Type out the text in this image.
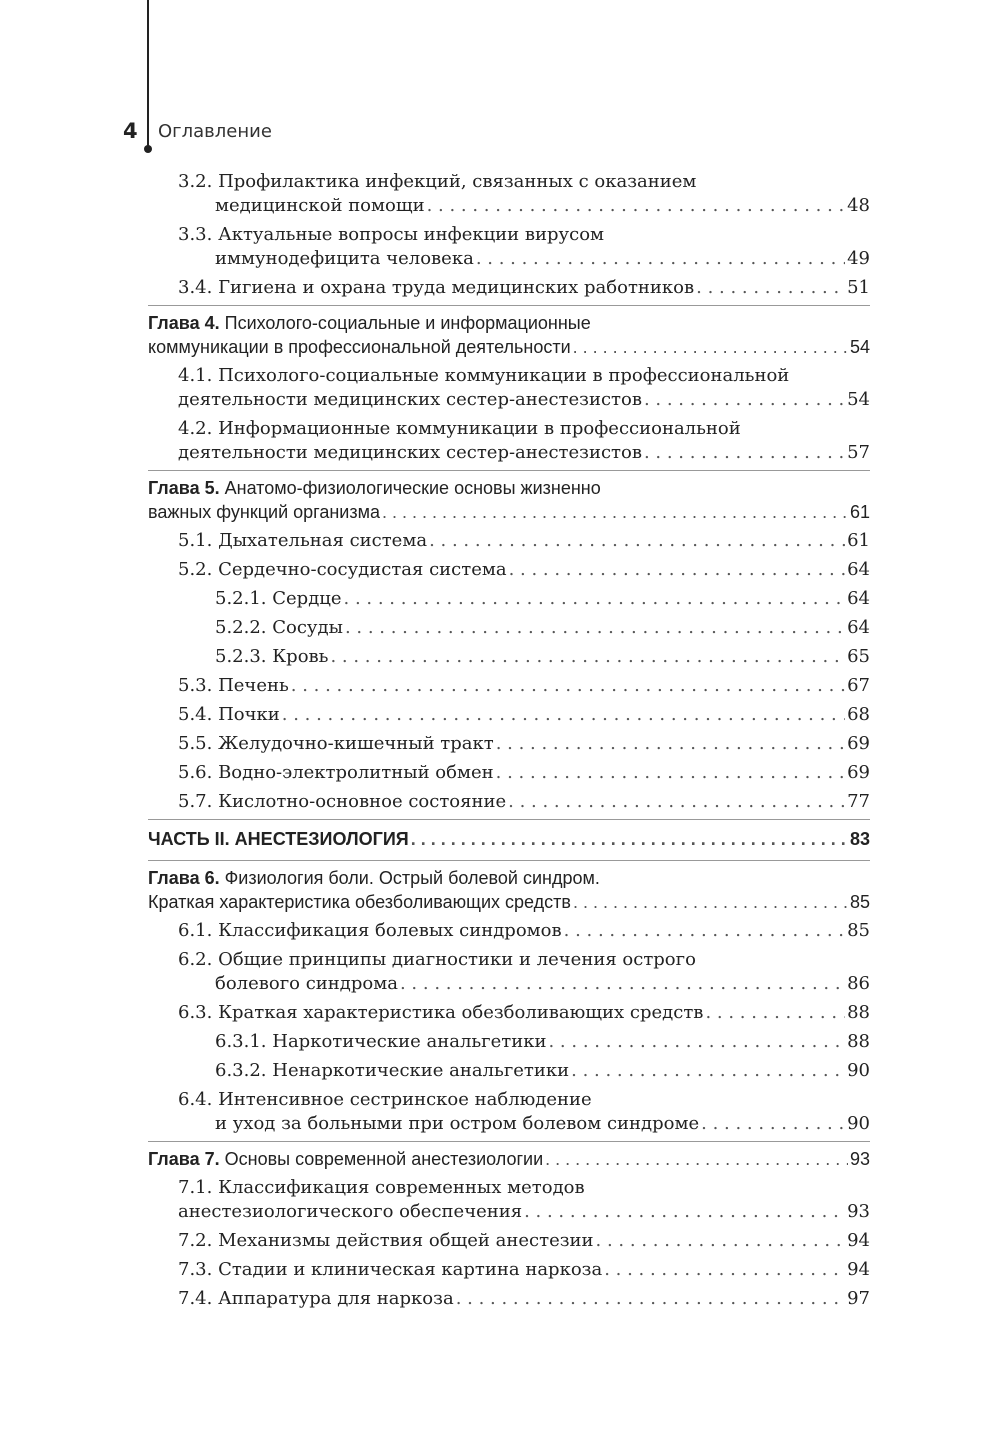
4 Оглавление
3.2. Профилактика инфекций, связанных с оказанием
медицинской помощи . . .	48
3.3. Актуальные вопросы инфекции вирусом
иммунодефицита человека . . .	49
3.4. Гигиена и охрана труда медицинских работников . . .	51
Глава 4. Психолого-социальные и информационные
коммуникации в профессиональной деятельности . . .	54
4.1. Психолого-социальные коммуникации в профессиональной
деятельности медицинских сестер-анестезистов . . .	54
4.2. Информационные коммуникации в профессиональной
деятельности медицинских сестер-анестезистов . . .	57
Глава 5. Анатомо-физиологические основы жизненно
важных функций организма . . .	61
5.1. Дыхательная система . . .	61
5.2. Сердечно-сосудистая система . . .	64
5.2.1. Сердце . . .	64
5.2.2. Сосуды . . .	64
5.2.3. Кровь . . .	65
5.3. Печень . . .	67
5.4. Почки . . .	68
5.5. Желудочно-кишечный тракт . . .	69
5.6. Водно-электролитный обмен . . .	69
5.7. Кислотно-основное состояние . . .	77
ЧАСТЬ II. АНЕСТЕЗИОЛОГИЯ . . .	83
Глава 6. Физиология боли. Острый болевой синдром.
Краткая характеристика обезболивающих средств . . .	85
6.1. Классификация болевых синдромов . . .	85
6.2. Общие принципы диагностики и лечения острого
болевого синдрома . . .	86
6.3. Краткая характеристика обезболивающих средств . . .	88
6.3.1. Наркотические анальгетики . . .	88
6.3.2. Ненаркотические анальгетики . . .	90
6.4. Интенсивное сестринское наблюдение
и уход за больными при остром болевом синдроме . . .	90
Глава 7. Основы современной анестезиологии . . .	93
7.1. Классификация современных методов
анестезиологического обеспечения . . .	93
7.2. Механизмы действия общей анестезии . . .	94
7.3. Стадии и клиническая картина наркоза . . .	94
7.4. Аппаратура для наркоза . . .	97
